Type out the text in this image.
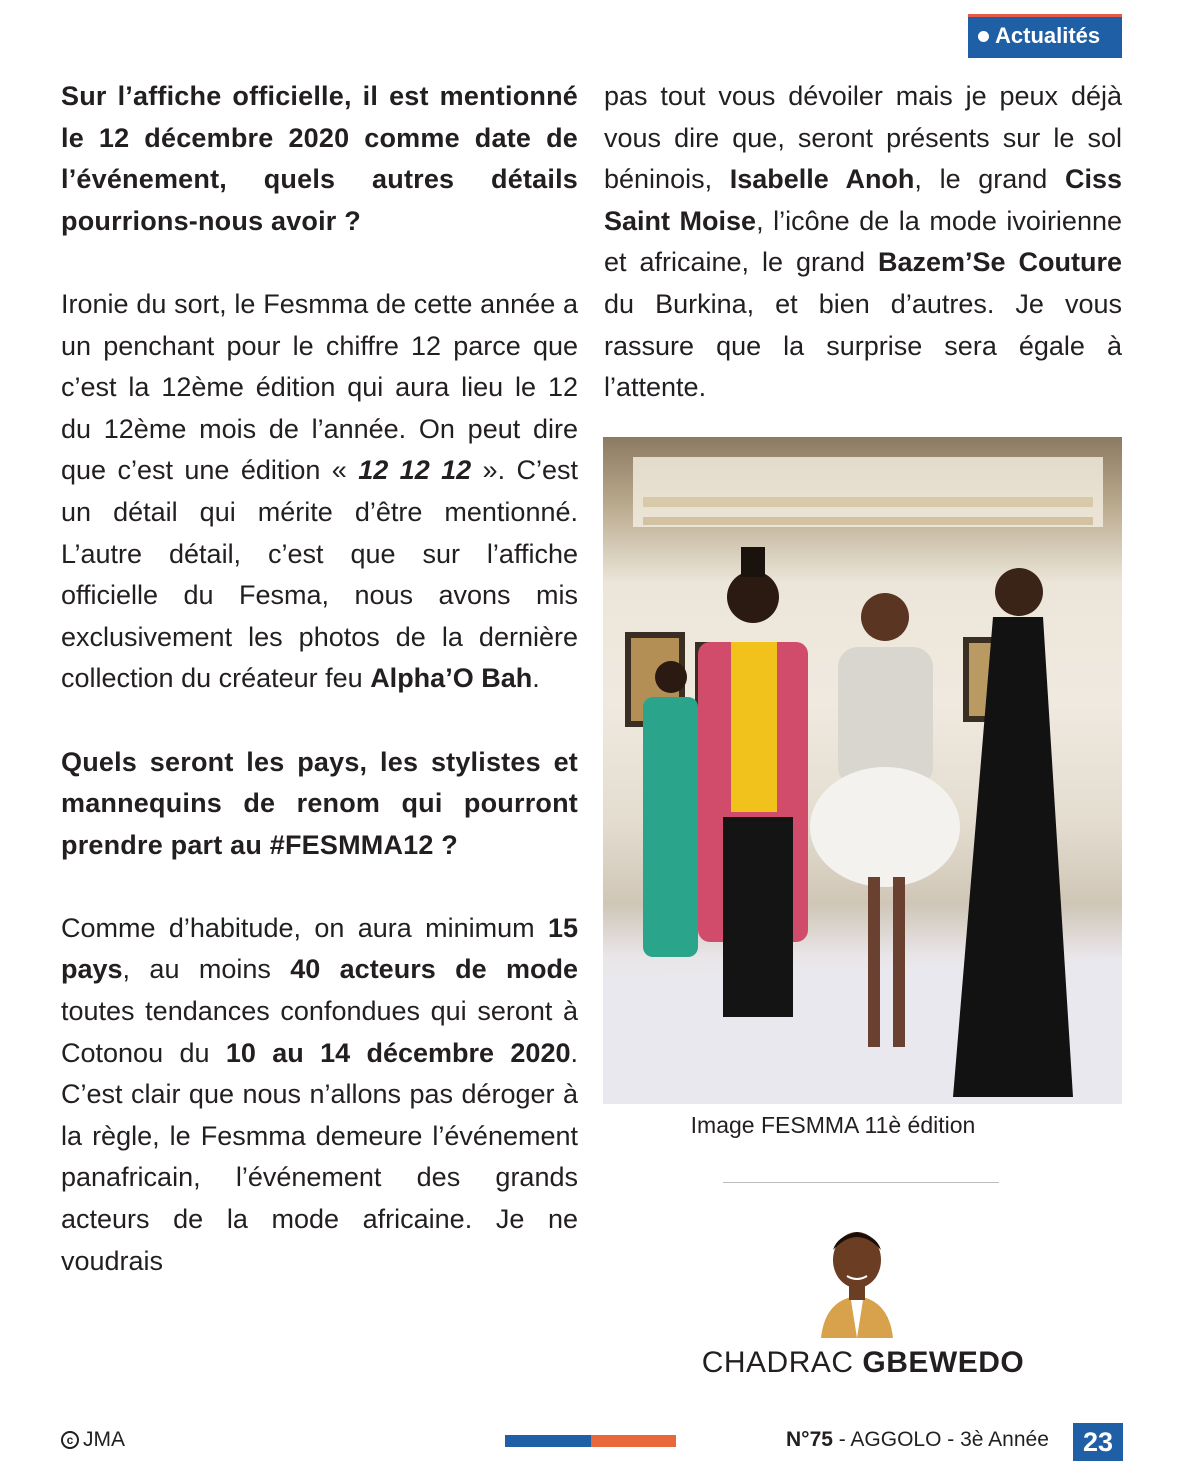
Actualités

Sur l’affiche officielle, il est mentionné le 12 décembre 2020 comme date de l’événement, quels autres détails pourrions-nous avoir ?

Ironie du sort, le Fesmma de cette année a un penchant pour le chiffre 12 parce que c’est la 12ème édition qui aura lieu le 12 du 12ème mois de l’année. On peut dire que c’est une édition « 12 12 12 ». C’est un détail qui mérite d’être mentionné. L’autre détail, c’est que sur l’affiche officielle du Fesma, nous avons mis exclusivement les photos de la dernière collection du créateur feu Alpha’O Bah.

Quels seront les pays, les stylistes et mannequins de renom qui pourront prendre part au #FESMMA12 ?

Comme d’habitude, on aura minimum 15 pays, au moins 40 acteurs de mode toutes tendances confondues qui seront à Cotonou du 10 au 14 décembre 2020. C’est clair que nous n’allons pas déroger à la règle, le Fesmma demeure l’événement panafricain, l’événement des grands acteurs de la mode africaine. Je ne voudrais

pas tout vous dévoiler mais je peux déjà vous dire que, seront présents sur le sol béninois, Isabelle Anoh, le grand Ciss Saint Moise, l’icône de la mode ivoirienne et africaine, le grand Bazem’Se Couture du Burkina, et bien d’autres. Je vous rassure que la surprise sera égale à l’attente.

Image FESMMA 11è édition
CHADRAC GBEWEDO
c JMA	N°75 - AGGOLO - 3è Année	23
